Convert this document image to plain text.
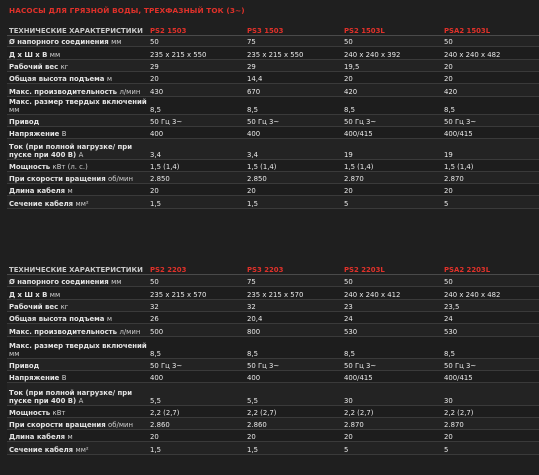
НАСОСЫ ДЛЯ ГРЯЗНОЙ ВОДЫ, ТРЕХФАЗНЫЙ ТОК (3~)
ТЕХНИЧЕСКИЕ ХАРАКТЕРИСТИКИ	PS2 1503	PS3 1503	PS2 1503L	PSA2 1503L
Ø напорного соединения мм	50	75	50	50
Д х Ш х В мм	235 x 215 x 550	235 x 215 x 550	240 x 240 x 392	240 x 240 x 482
Рабочий вес кг	29	29	19,5	20
Общая высота подъема м	20	14,4	20	20
Макс. производительность л/мин	430	670	420	420
Макс. размер твердых включений мм	8,5	8,5	8,5	8,5
Привод	50 Гц 3~	50 Гц 3~	50 Гц 3~	50 Гц 3~
Напряжение В	400	400	400/415	400/415
Ток (при полной нагрузке/ при пуске при 400 В) А	3,4	3,4	19	19
Мощность кВт (л. с.)	1,5 (1,4)	1,5 (1,4)	1,5 (1,4)	1,5 (1,4)
При скорости вращения об/мин	2.850	2.850	2.870	2.870
Длина кабеля м	20	20	20	20
Сечение кабеля мм²	1,5	1,5	5	5
ТЕХНИЧЕСКИЕ ХАРАКТЕРИСТИКИ	PS2 2203	PS3 2203	PS2 2203L	PSA2 2203L
Ø напорного соединения мм	50	75	50	50
Д х Ш х В мм	235 x 215 x 570	235 x 215 x 570	240 x 240 x 412	240 x 240 x 482
Рабочий вес кг	32	32	23	23,5
Общая высота подъема м	26	20,4	24	24
Макс. производительность л/мин	500	800	530	530
Макс. размер твердых включений мм	8,5	8,5	8,5	8,5
Привод	50 Гц 3~	50 Гц 3~	50 Гц 3~	50 Гц 3~
Напряжение В	400	400	400/415	400/415
Ток (при полной нагрузке/ при пуске при 400 В) А	5,5	5,5	30	30
Мощность кВт	2,2 (2,7)	2,2 (2,7)	2,2 (2,7)	2,2 (2,7)
При скорости вращения об/мин	2.860	2.860	2.870	2.870
Длина кабеля м	20	20	20	20
Сечение кабеля мм²	1,5	1,5	5	5
